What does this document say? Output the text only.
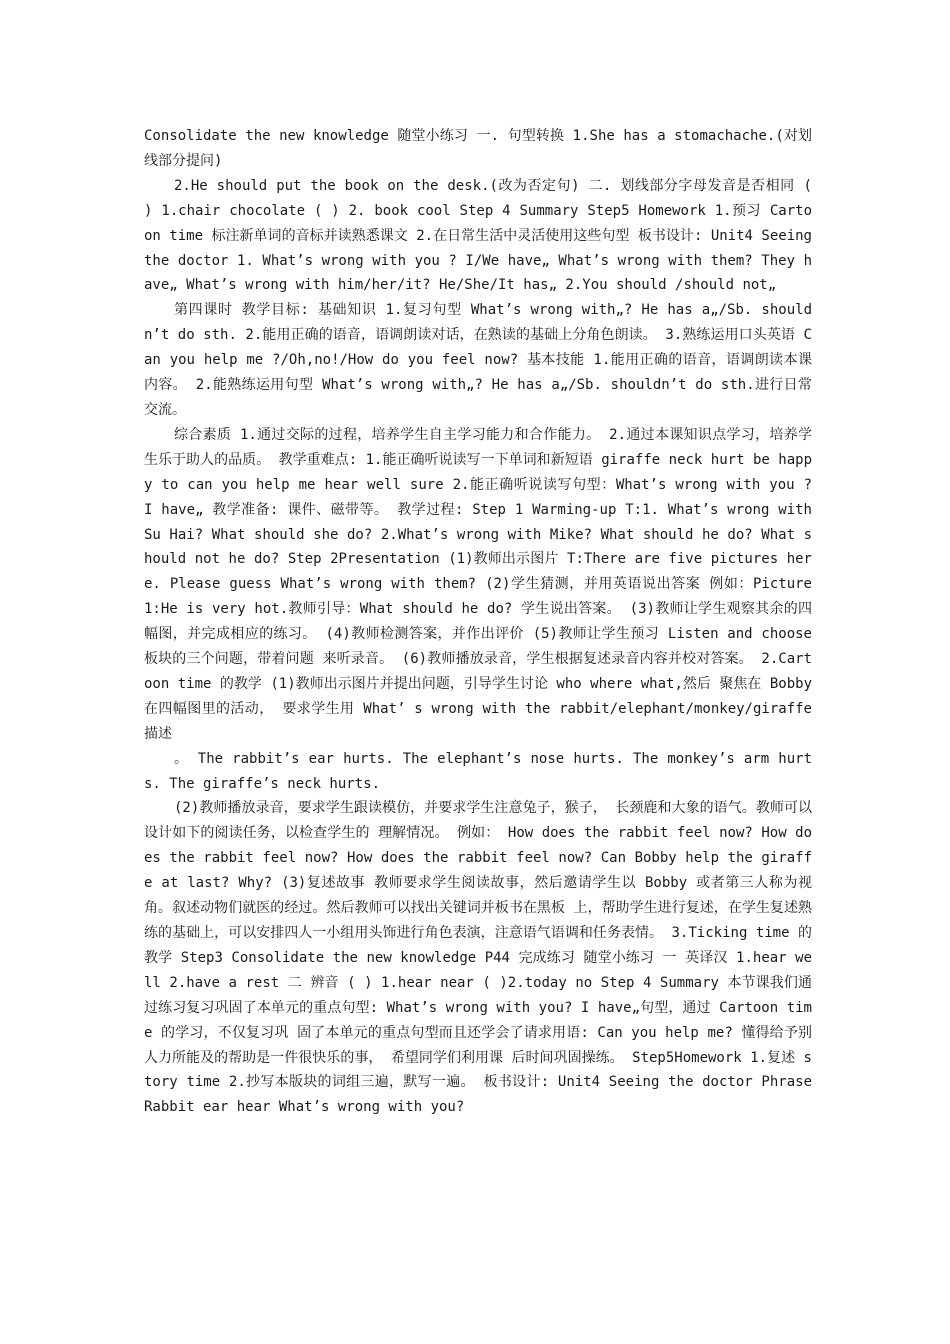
Consolidate the new knowledge 随堂小练习 一. 句型转换 1.She has a stomachache.(对划线部分提问)

2.He should put the book on the desk.(改为否定句) 二. 划线部分字母发音是否相同 ( ) 1.chair chocolate ( ) 2. book cool Step 4 Summary Step5 Homework 1.预习 Cartoon time 标注新单词的音标并读熟悉课文 2.在日常生活中灵活使用这些句型 板书设计: Unit4 Seeing the doctor 1. What’s wrong with you ? I/We have„ What’s wrong with them? They have„ What’s wrong with him/her/it? He/She/It has„ 2.You should /should not„

第四课时 教学目标: 基础知识 1.复习句型 What’s wrong with„? He has a„/Sb. shouldn’t do sth. 2.能用正确的语音，语调朗读对话，在熟读的基础上分角色朗读。 3.熟练运用口头英语 Can you help me ?/Oh,no!/How do you feel now? 基本技能 1.能用正确的语音，语调朗读本课内容。 2.能熟练运用句型 What’s wrong with„? He has a„/Sb. shouldn’t do sth.进行日常交流。

综合素质 1.通过交际的过程，培养学生自主学习能力和合作能力。 2.通过本课知识点学习，培养学生乐于助人的品质。 教学重难点: 1.能正确听说读写一下单词和新短语 giraffe neck hurt be happy to can you help me hear well sure 2.能正确听说读写句型：What’s wrong with you ? I have„ 教学准备: 课件、磁带等。 教学过程: Step 1 Warming-up T:1. What’s wrong with Su Hai? What should she do? 2.What’s wrong with Mike? What should he do? What should not he do? Step 2Presentation (1)教师出示图片 T:There are five pictures here. Please guess What’s wrong with them? (2)学生猜测，并用英语说出答案 例如：Picture 1:He is very hot.教师引导：What should he do? 学生说出答案。 (3)教师让学生观察其余的四幅图，并完成相应的练习。 (4)教师检测答案，并作出评价 (5)教师让学生预习 Listen and choose 板块的三个问题，带着问题 来听录音。 (6)教师播放录音，学生根据复述录音内容并校对答案。 2.Cartoon time 的教学 (1)教师出示图片并提出问题，引导学生讨论 who where what,然后 聚焦在 Bobby 在四幅图里的活动， 要求学生用 What’ s wrong with the rabbit/elephant/monkey/giraffe 描述

。 The rabbit’s ear hurts. The elephant’s nose hurts. The monkey’s arm hurts. The giraffe’s neck hurts.

(2)教师播放录音，要求学生跟读模仿，并要求学生注意兔子，猴子， 长颈鹿和大象的语气。教师可以设计如下的阅读任务，以检查学生的 理解情况。 例如： How does the rabbit feel now? How does the rabbit feel now? How does the rabbit feel now? Can Bobby help the giraffe at last? Why? (3)复述故事 教师要求学生阅读故事，然后邀请学生以 Bobby 或者第三人称为视 角。叙述动物们就医的经过。然后教师可以找出关键词并板书在黑板 上，帮助学生进行复述，在学生复述熟练的基础上，可以安排四人一小组用头饰进行角色表演，注意语气语调和任务表情。 3.Ticking time 的教学 Step3 Consolidate the new knowledge P44 完成练习 随堂小练习 一 英译汉 1.hear well 2.have a rest 二 辨音 ( ) 1.hear near ( )2.today no Step 4 Summary 本节课我们通过练习复习巩固了本单元的重点句型: What’s wrong with you? I have„句型，通过 Cartoon time 的学习，不仅复习巩 固了本单元的重点句型而且还学会了请求用语: Can you help me? 懂得给予别人力所能及的帮助是一件很快乐的事， 希望同学们利用课 后时间巩固操练。 Step5Homework 1.复述 story time 2.抄写本版块的词组三遍，默写一遍。 板书设计: Unit4 Seeing the doctor Phrase Rabbit ear hear What’s wrong with you?
